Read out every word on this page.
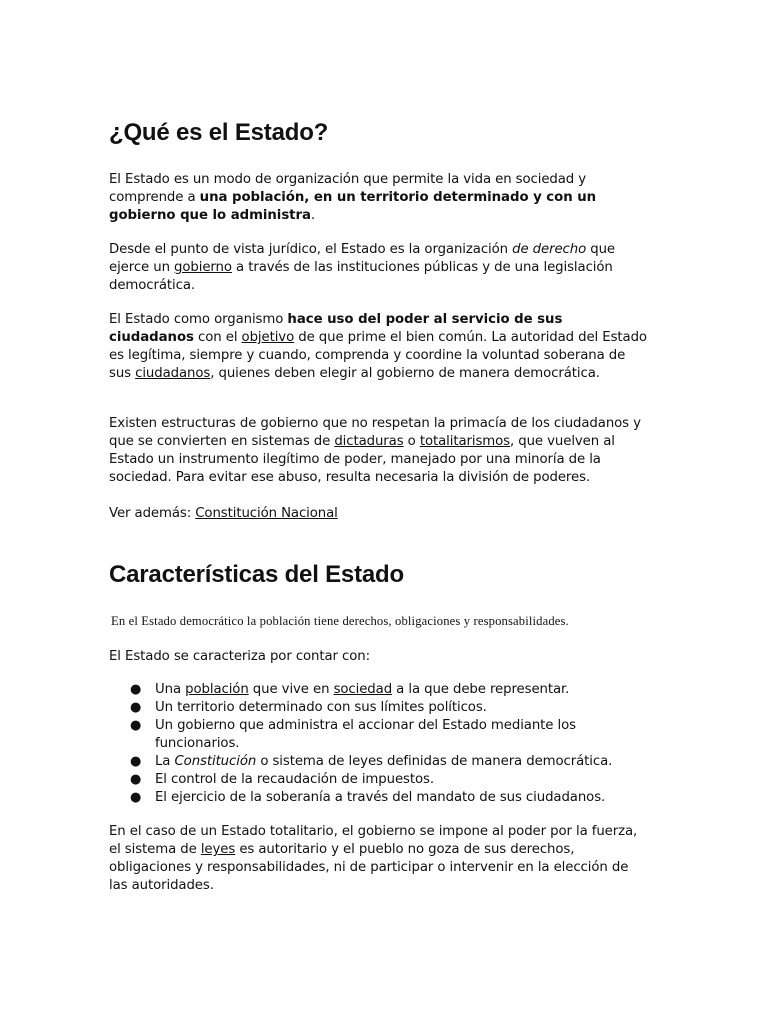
¿Qué es el Estado?

El Estado es un modo de organización que permite la vida en sociedad y comprende a una población, en un territorio determinado y con un gobierno que lo administra.

Desde el punto de vista jurídico, el Estado es la organización de derecho que ejerce un gobierno a través de las instituciones públicas y de una legislación democrática.

El Estado como organismo hace uso del poder al servicio de sus ciudadanos con el objetivo de que prime el bien común. La autoridad del Estado es legítima, siempre y cuando, comprenda y coordine la voluntad soberana de sus ciudadanos, quienes deben elegir al gobierno de manera democrática.

Existen estructuras de gobierno que no respetan la primacía de los ciudadanos y que se convierten en sistemas de dictaduras o totalitarismos, que vuelven al Estado un instrumento ilegítimo de poder, manejado por una minoría de la sociedad. Para evitar ese abuso, resulta necesaria la división de poderes.

Ver además: Constitución Nacional

Características del Estado

En el Estado democrático la población tiene derechos, obligaciones y responsabilidades.

El Estado se caracteriza por contar con:

● Una población que vive en sociedad a la que debe representar.
● Un territorio determinado con sus límites políticos.
● Un gobierno que administra el accionar del Estado mediante los funcionarios.
● La Constitución o sistema de leyes definidas de manera democrática.
● El control de la recaudación de impuestos.
● El ejercicio de la soberanía a través del mandato de sus ciudadanos.

En el caso de un Estado totalitario, el gobierno se impone al poder por la fuerza, el sistema de leyes es autoritario y el pueblo no goza de sus derechos, obligaciones y responsabilidades, ni de participar o intervenir en la elección de las autoridades.
